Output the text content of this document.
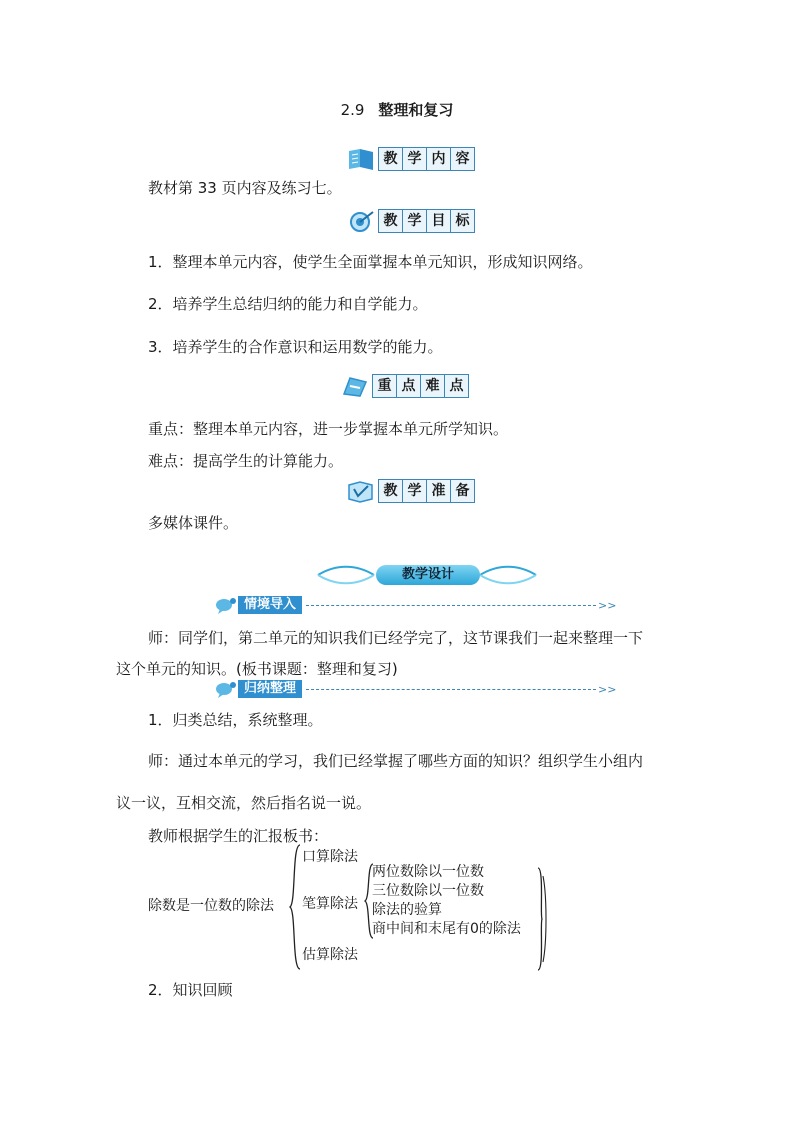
2.9 整理和复习
教 学 内 容
教材第 33 页内容及练习七。
教 学 目 标
1．整理本单元内容，使学生全面掌握本单元知识，形成知识网络。
2．培养学生总结归纳的能力和自学能力。
3．培养学生的合作意识和运用数学的能力。
重 点 难 点
重点：整理本单元内容，进一步掌握本单元所学知识。
难点：提高学生的计算能力。
教 学 准 备
多媒体课件。
教学设计
情境导入	>>
师：同学们，第二单元的知识我们已经学完了，这节课我们一起来整理一下
这个单元的知识。(板书课题：整理和复习)
归纳整理	>>
1．归类总结，系统整理。
师：通过本单元的学习，我们已经掌握了哪些方面的知识？组织学生小组内
议一议，互相交流，然后指名说一说。
教师根据学生的汇报板书：
除数是一位数的除法
口算除法
笔算除法
估算除法
两位数除以一位数
三位数除以一位数
除法的验算
商中间和末尾有0的除法
2．知识回顾
